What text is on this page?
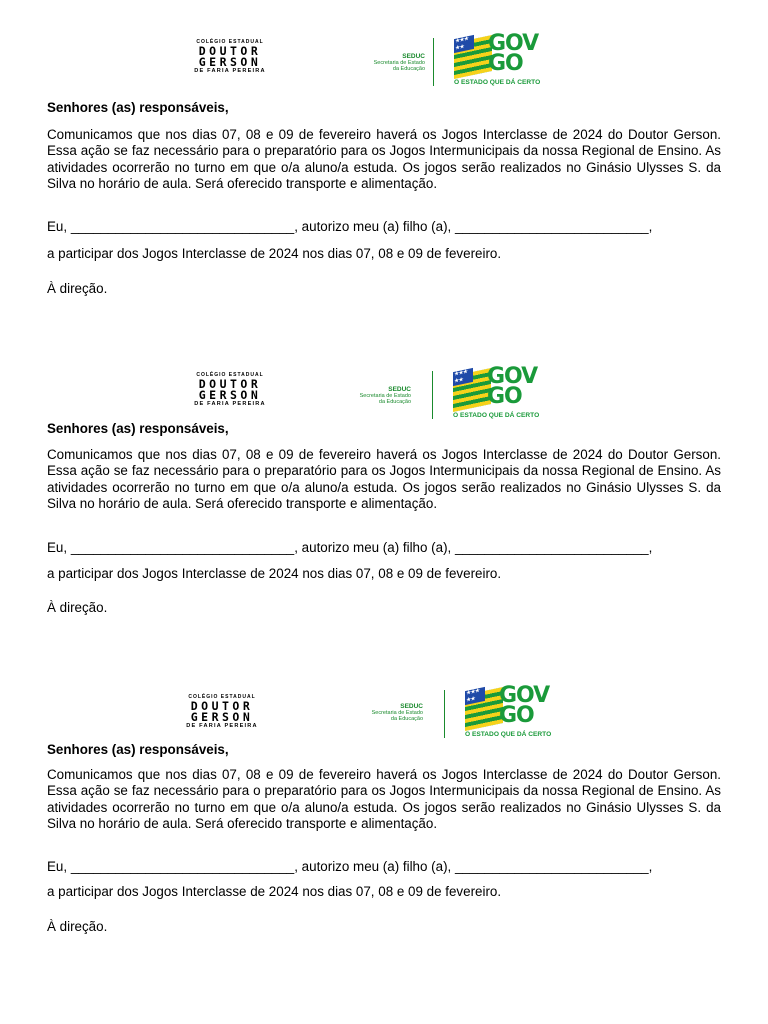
COLÉGIO ESTADUAL
DOUTOR
GERSON
DE FARIA PEREIRA
SEDUC
Secretaria de Estado
da Educação
★★★
★★ GOV
GO
O ESTADO QUE DÁ CERTO

Senhores (as) responsáveis,

Comunicamos que nos dias 07, 08 e 09 de fevereiro haverá os Jogos Interclasse de 2024 do Doutor Gerson. Essa ação se faz necessário para o preparatório para os Jogos Intermunicipais da nossa Regional de Ensino. As atividades ocorrerão no turno em que o/a aluno/a estuda. Os jogos serão realizados no Ginásio Ulysses S. da Silva no horário de aula. Será oferecido transporte e alimentação.

Eu, ______________________________, autorizo meu (a) filho (a), __________________________,

a participar dos Jogos Interclasse de 2024 nos dias 07, 08 e 09 de fevereiro.

À direção.

COLÉGIO ESTADUAL
DOUTOR
GERSON
DE FARIA PEREIRA
SEDUC
Secretaria de Estado
da Educação
★★★
★★ GOV
GO
O ESTADO QUE DÁ CERTO

Senhores (as) responsáveis,

Comunicamos que nos dias 07, 08 e 09 de fevereiro haverá os Jogos Interclasse de 2024 do Doutor Gerson. Essa ação se faz necessário para o preparatório para os Jogos Intermunicipais da nossa Regional de Ensino. As atividades ocorrerão no turno em que o/a aluno/a estuda. Os jogos serão realizados no Ginásio Ulysses S. da Silva no horário de aula. Será oferecido transporte e alimentação.

Eu, ______________________________, autorizo meu (a) filho (a), __________________________,

a participar dos Jogos Interclasse de 2024 nos dias 07, 08 e 09 de fevereiro.

À direção.

COLÉGIO ESTADUAL
DOUTOR
GERSON
DE FARIA PEREIRA
SEDUC
Secretaria de Estado
da Educação
★★★
★★ GOV
GO
O ESTADO QUE DÁ CERTO

Senhores (as) responsáveis,

Comunicamos que nos dias 07, 08 e 09 de fevereiro haverá os Jogos Interclasse de 2024 do Doutor Gerson. Essa ação se faz necessário para o preparatório para os Jogos Intermunicipais da nossa Regional de Ensino. As atividades ocorrerão no turno em que o/a aluno/a estuda. Os jogos serão realizados no Ginásio Ulysses S. da Silva no horário de aula. Será oferecido transporte e alimentação.

Eu, ______________________________, autorizo meu (a) filho (a), __________________________,

a participar dos Jogos Interclasse de 2024 nos dias 07, 08 e 09 de fevereiro.

À direção.
